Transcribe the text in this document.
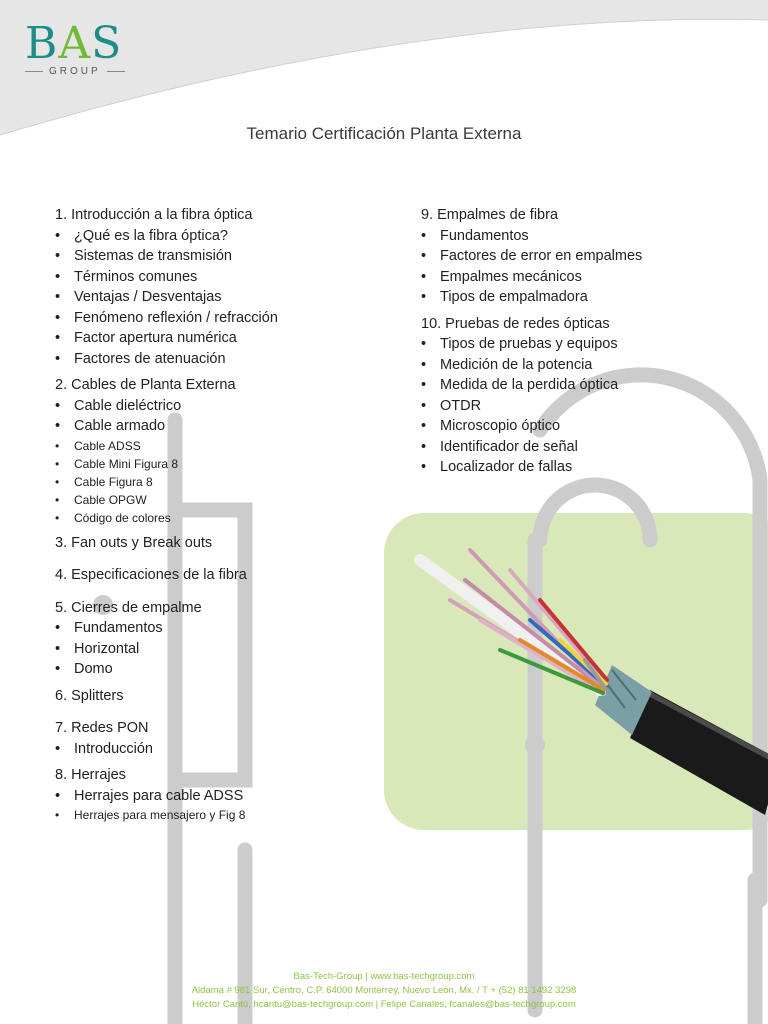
BAS
GROUP
Temario Certificación Planta Externa
1. Introducción a la fibra óptica
• ¿Qué es la fibra óptica?
• Sistemas de transmisión
• Términos comunes
• Ventajas / Desventajas
• Fenómeno reflexión / refracción
• Factor apertura numérica
• Factores de atenuación
2. Cables de Planta Externa
• Cable dieléctrico
• Cable armado
•	Cable ADSS
•	Cable Mini Figura 8
•	Cable Figura 8
•	Cable OPGW
•	Código de colores
3. Fan outs y Break outs
4. Especificaciones de la fibra
5. Cierres de empalme
• Fundamentos
• Horizontal
• Domo
6. Splitters
7. Redes PON
• Introducción
8. Herrajes
• Herrajes para cable ADSS
•	Herrajes para mensajero y Fig 8
9. Empalmes de fibra
• Fundamentos
• Factores de error en empalmes
• Empalmes mecánicos
• Tipos de empalmadora
10. Pruebas de redes ópticas
• Tipos de pruebas y equipos
• Medición de la potencia
• Medida de la perdida óptica
• OTDR
• Microscopio óptico
• Identificador de señal
• Localizador de fallas
Bas-Tech-Group | www.bas-techgroup.com
Aldama # 981 Sur, Centro, C.P. 64000 Monterrey, Nuevo León, Mx. / T + (52) 81 1492 3298
Héctor Cantú, hcantu@bas-techgroup.com | Felipe Canales, fcanales@bas-techgroup.com
